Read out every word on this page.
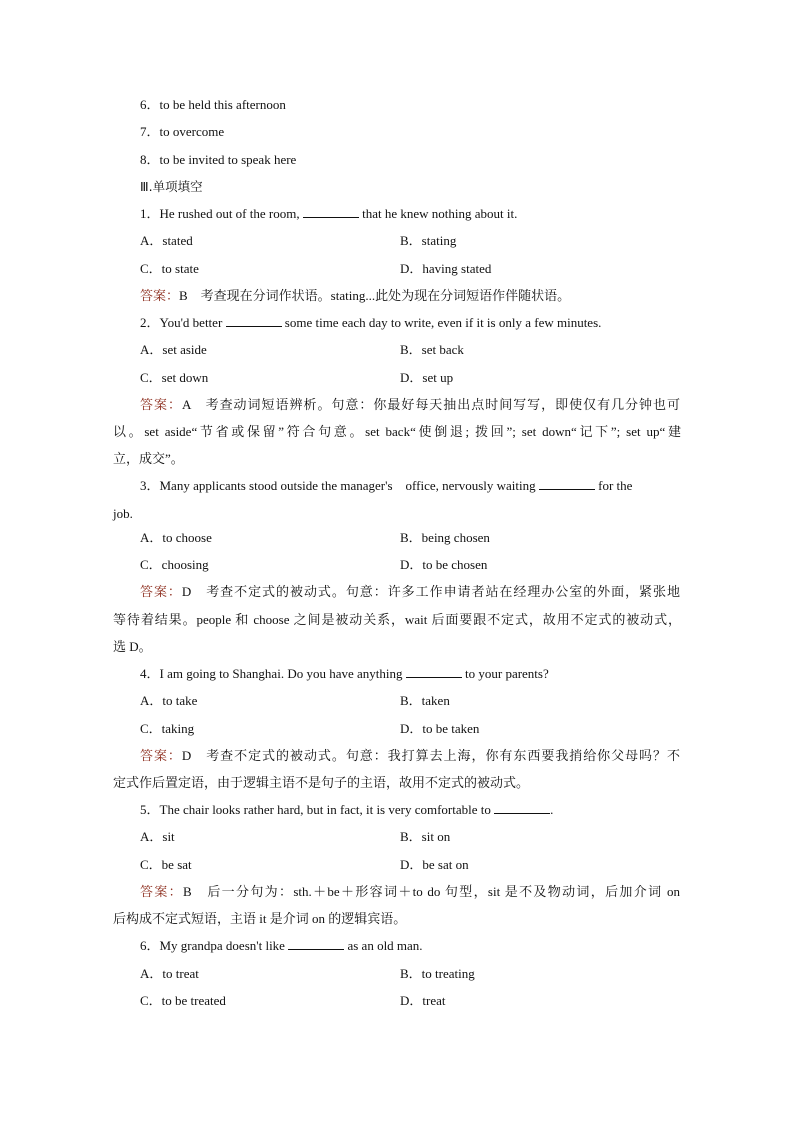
6．to be held this afternoon
7．to overcome
8．to be invited to speak here
Ⅲ.单项填空
1．He rushed out of the room,	that he knew nothing about it.
A．stated	B．stating
C．to state	D．having stated
答案：B　考查现在分词作状语。stating...此处为现在分词短语作伴随状语。
2．You'd better	some time each day to write, even if it is only a few minutes.
A．set aside	B．set back
C．set down	D．set up
答案：A　考查动词短语辨析。句意：你最好每天抽出点时间写写，即使仅有几分钟也可
以。set aside“节省或保留”符合句意。set back“使倒退; 拨回”; set down“记下”; set up“建
立，成交”。
3．Many applicants stood outside the manager's　office, nervously waiting	for the
job.
A．to choose	B．being chosen
C．choosing	D．to be chosen
答案：D　考查不定式的被动式。句意：许多工作申请者站在经理办公室的外面，紧张地
等待着结果。people 和 choose 之间是被动关系，wait 后面要跟不定式，故用不定式的被动式，
选 D。
4．I am going to Shanghai. Do you have anything	to your parents?
A．to take	B．taken
C．taking	D．to be taken
答案：D　考查不定式的被动式。句意：我打算去上海，你有东西要我捎给你父母吗？不
定式作后置定语，由于逻辑主语不是句子的主语，故用不定式的被动式。
5．The chair looks rather hard, but in fact, it is very comfortable to	.
A．sit	B．sit on
C．be sat	D．be sat on
答案：B　后一分句为：sth.＋be＋形容词＋to do 句型，sit 是不及物动词，后加介词 on
后构成不定式短语，主语 it 是介词 on 的逻辑宾语。
6．My grandpa doesn't like	as an old man.
A．to treat	B．to treating
C．to be treated	D．treat
